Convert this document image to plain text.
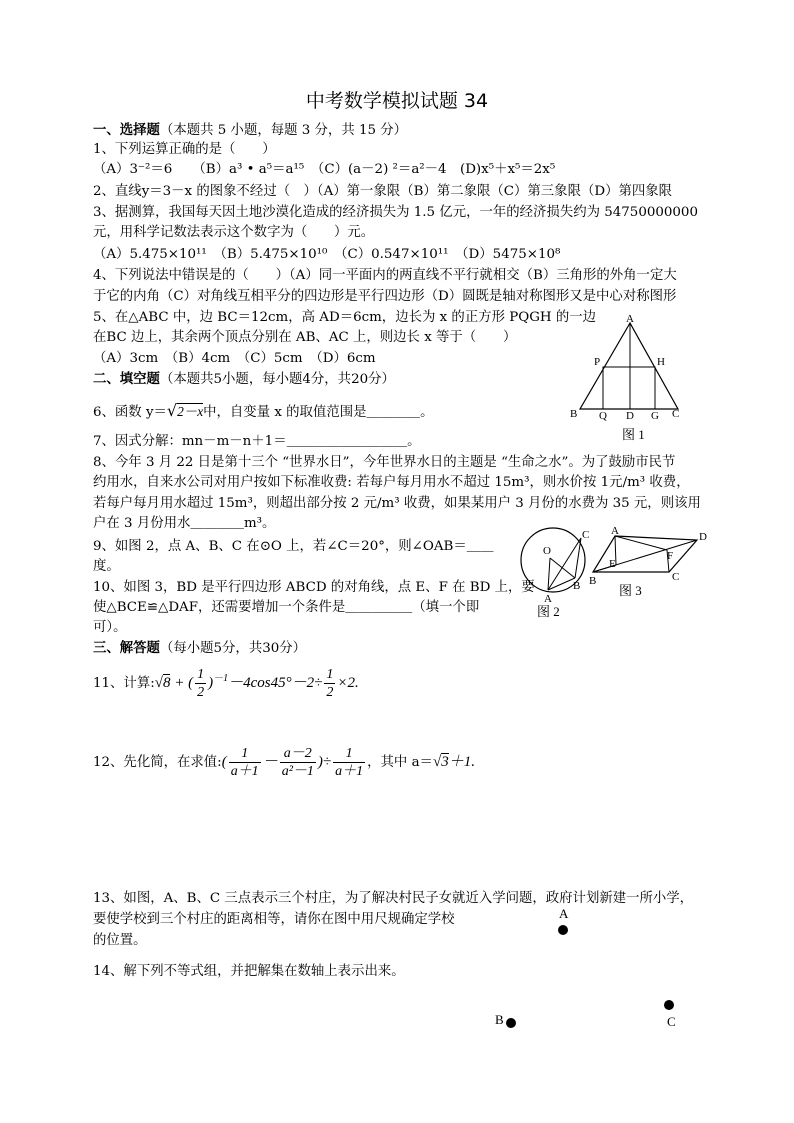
中考数学模拟试题 34
一、选择题（本题共 5 小题，每题 3 分，共 15 分）
1、下列运算正确的是（　　）
（A）3⁻²＝6　　（B）a³ • a⁵＝a¹⁵　（C）(a－2) ²＝a²－4　(D)x⁵＋x⁵＝2x⁵
2、直线y＝3－x 的图象不经过（　）（A）第一象限（B）第二象限（C）第三象限（D）第四象限
3、据测算，我国每天因土地沙漠化造成的经济损失为 1.5 亿元，一年的经济损失约为 54750000000
元，用科学记数法表示这个数字为（　　）元。
（A）5.475×10¹¹　（B）5.475×10¹⁰　（C）0.547×10¹¹　（D）5475×10⁸
4、下列说法中错误是的（　　）（A）同一平面内的两直线不平行就相交（B）三角形的外角一定大
于它的内角（C）对角线互相平分的四边形是平行四边形（D）圆既是轴对称图形又是中心对称图形
5、在△ABC 中，边 BC＝12cm，高 AD＝6cm，边长为 x 的正方形 PQGH 的一边
在BC 边上，其余两个顶点分别在 AB、AC 上，则边长 x 等于（　　）
（A）3cm　（B）4cm　（C）5cm　（D）6cm
二、填空题（本题共5小题，每小题4分，共20分）
6、函数 y＝√2－x中，自变量 x 的取值范围是＿＿＿＿。
7、因式分解：mn－m－n＋1＝＿＿＿＿＿＿＿＿＿。
8、今年 3 月 22 日是第十三个 “世界水日”，今年世界水日的主题是 “生命之水”。为了鼓励市民节
约用水，自来水公司对用户按如下标准收费: 若每户每月用水不超过 15m³，则水价按 1元/m³ 收费，
若每户每月用水超过 15m³，则超出部分按 2 元/m³ 收费，如果某用户 3 月份的水费为 35 元，则该用
户在 3 月份用水＿＿＿＿m³。
9、如图 2，点 A、B、C 在⊙O 上，若∠C＝20°，则∠OAB＝＿＿
度。
10、如图 3，BD 是平行四边形 ABCD 的对角线，点 E、F 在 BD 上，要
使△BCE≌△DAF，还需要增加一个条件是＿＿＿＿＿（填一个即
可）。
三、解答题（每小题5分，共30分）
11、计算:√8 + ( $\frac{1}{2} )^{-1}-4\cos 45^\circ-2\div \frac{1}{2} \times 2$.
12、先化简，在求值:( $\frac{1}{a+1} - \frac{a-2}{\text{a²－1}}$ )÷ $\frac{1}{a+1}$ ，其中 a＝√3＋1.
13、如图，A、B、C 三点表示三个村庄，为了解决村民子女就近入学问题，政府计划新建一所小学，
要使学校到三个村庄的距离相等，请你在图中用尺规确定学校
的位置。
14、解下列不等式组，并把解集在数轴上表示出来。
A
P	H
B Q D G C
图 1
O
C
A
B
图 2
A	D
E
F
B	C
图 3
A
B	C
